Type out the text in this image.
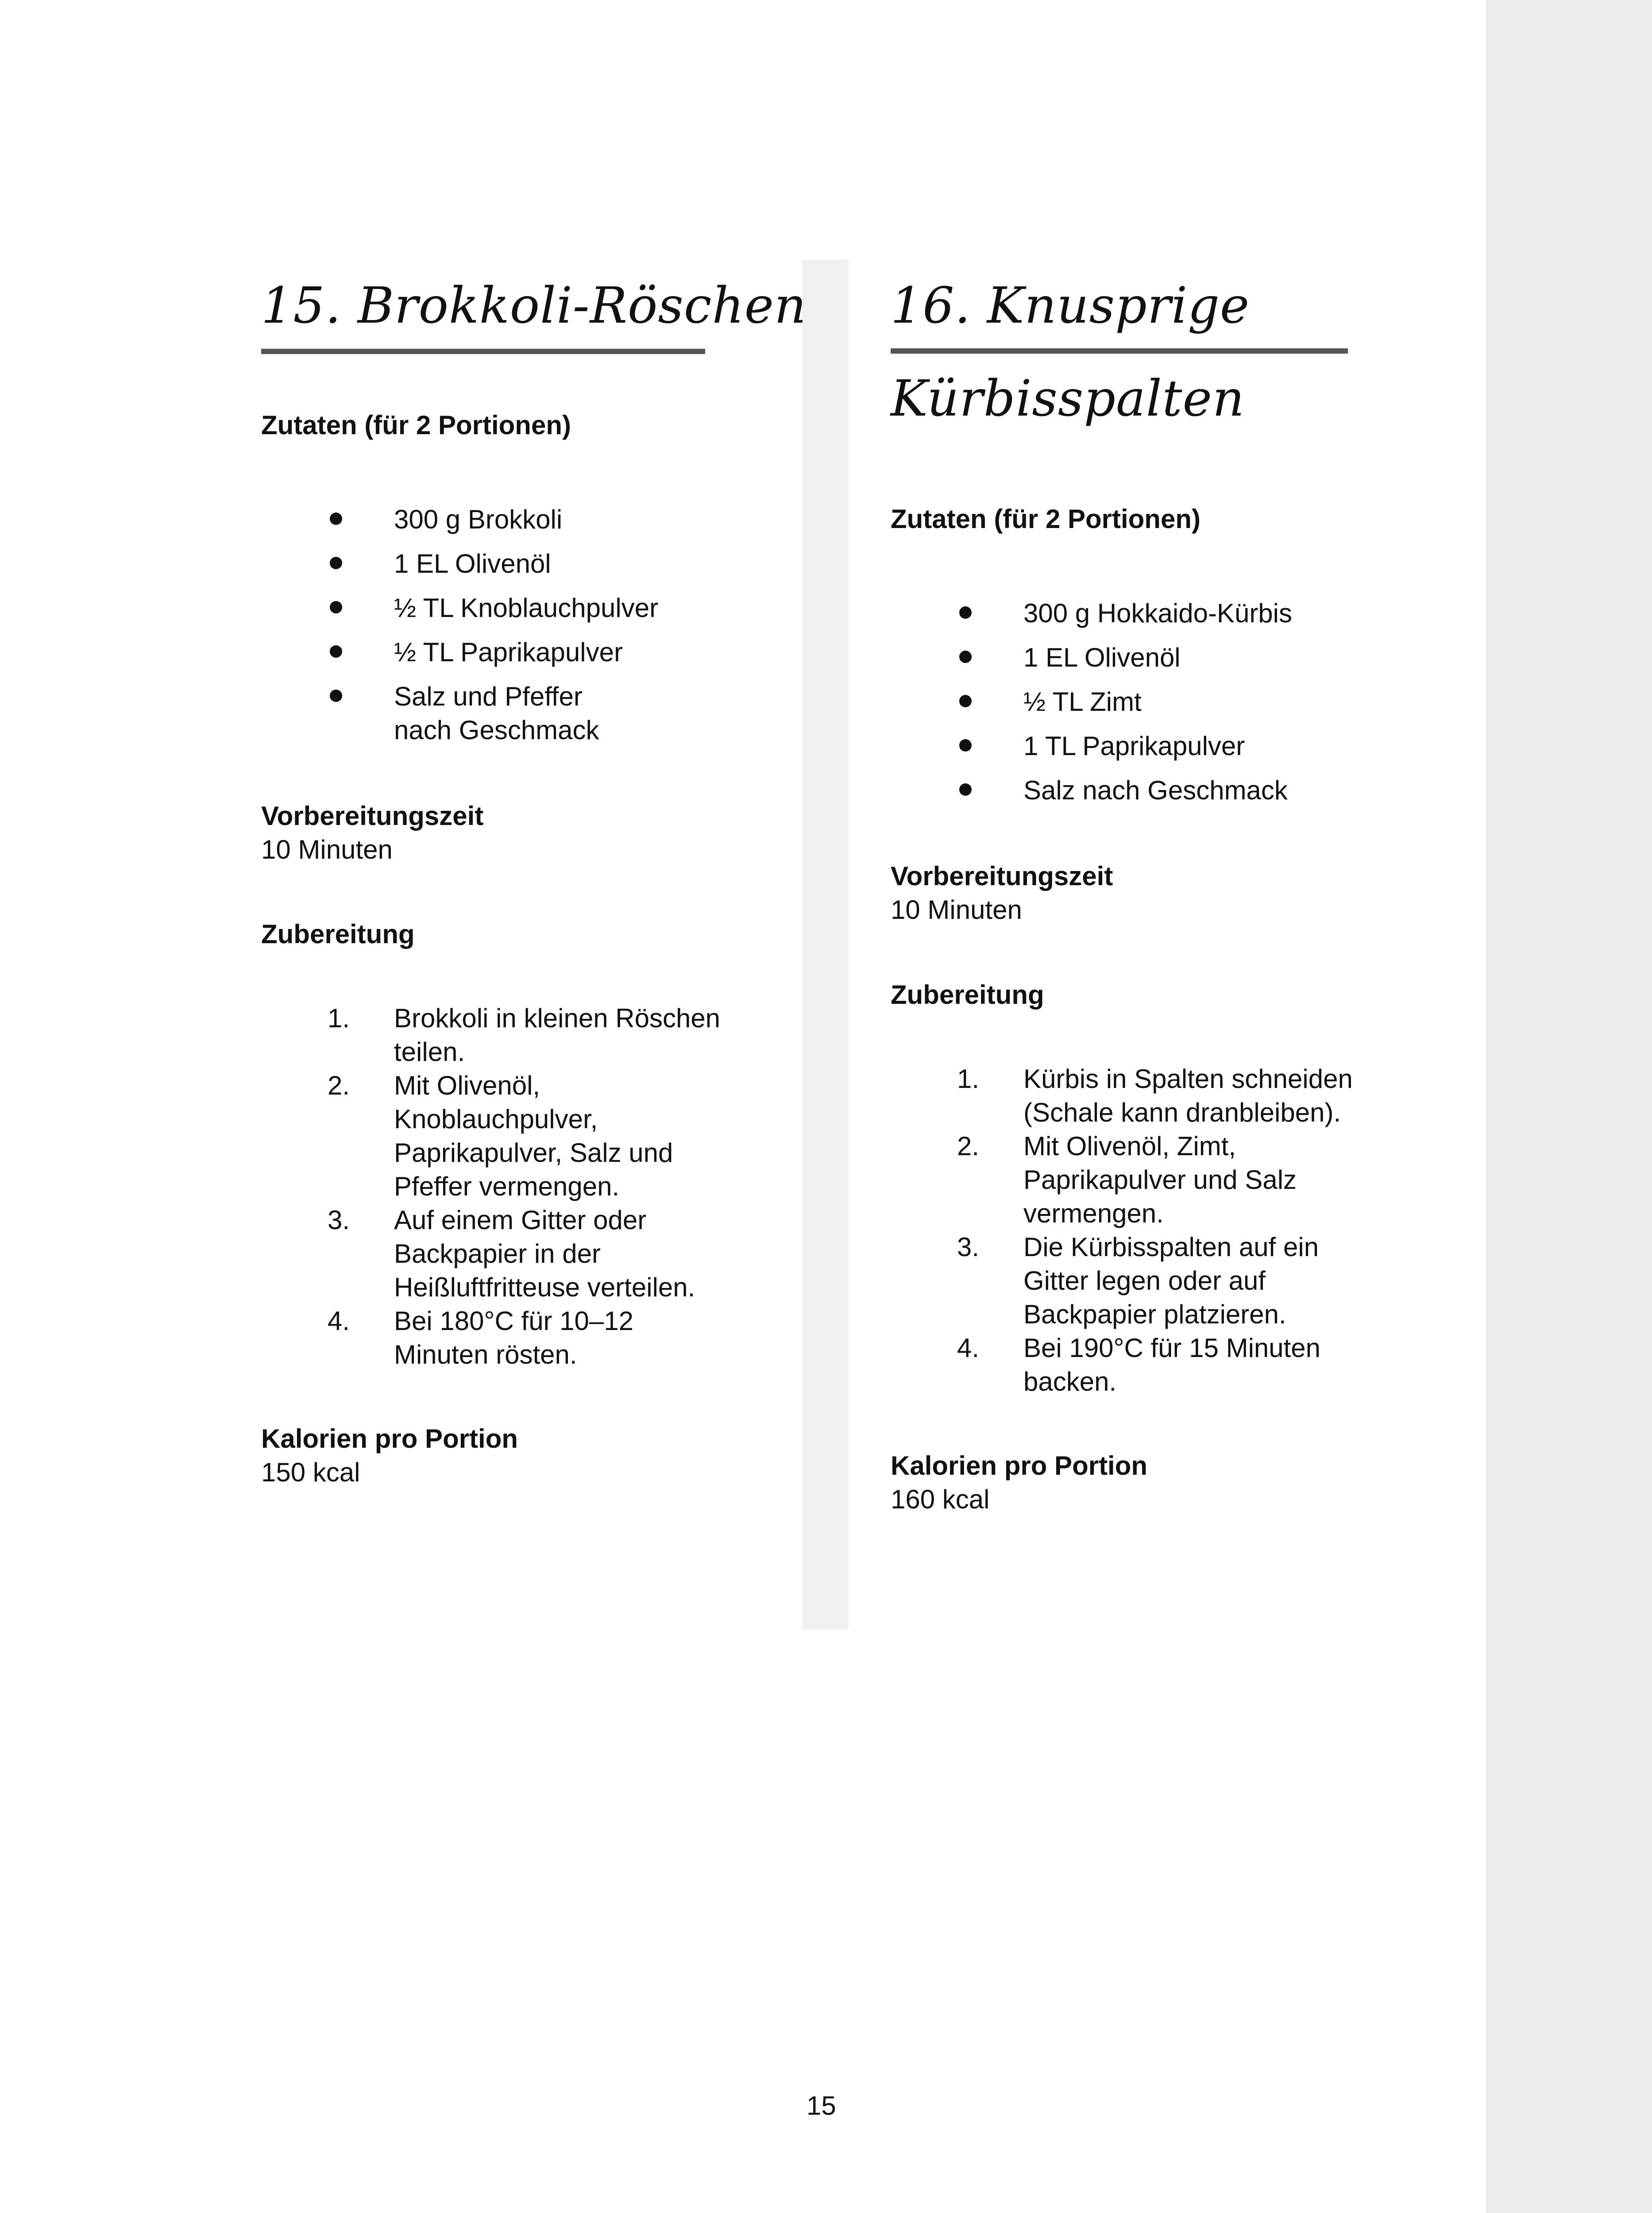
15. Brokkoli-Röschen
Zutaten (für 2 Portionen)
300 g Brokkoli
1 EL Olivenöl
½ TL Knoblauchpulver
½ TL Paprikapulver
Salz und Pfeffer nach Geschmack
Vorbereitungszeit
10 Minuten
Zubereitung
1. Brokkoli in kleinen Röschen teilen.
2. Mit Olivenöl, Knoblauchpulver, Paprikapulver, Salz und Pfeffer vermengen.
3. Auf einem Gitter oder Backpapier in der Heißluftfritteuse verteilen.
4. Bei 180°C für 10–12 Minuten rösten.
Kalorien pro Portion
150 kcal
16. Knusprige
Kürbisspalten
Zutaten (für 2 Portionen)
300 g Hokkaido-Kürbis
1 EL Olivenöl
½ TL Zimt
1 TL Paprikapulver
Salz nach Geschmack
Vorbereitungszeit
10 Minuten
Zubereitung
1. Kürbis in Spalten schneiden (Schale kann dranbleiben).
2. Mit Olivenöl, Zimt, Paprikapulver und Salz vermengen.
3. Die Kürbisspalten auf ein Gitter legen oder auf Backpapier platzieren.
4. Bei 190°C für 15 Minuten backen.
Kalorien pro Portion
160 kcal
15
